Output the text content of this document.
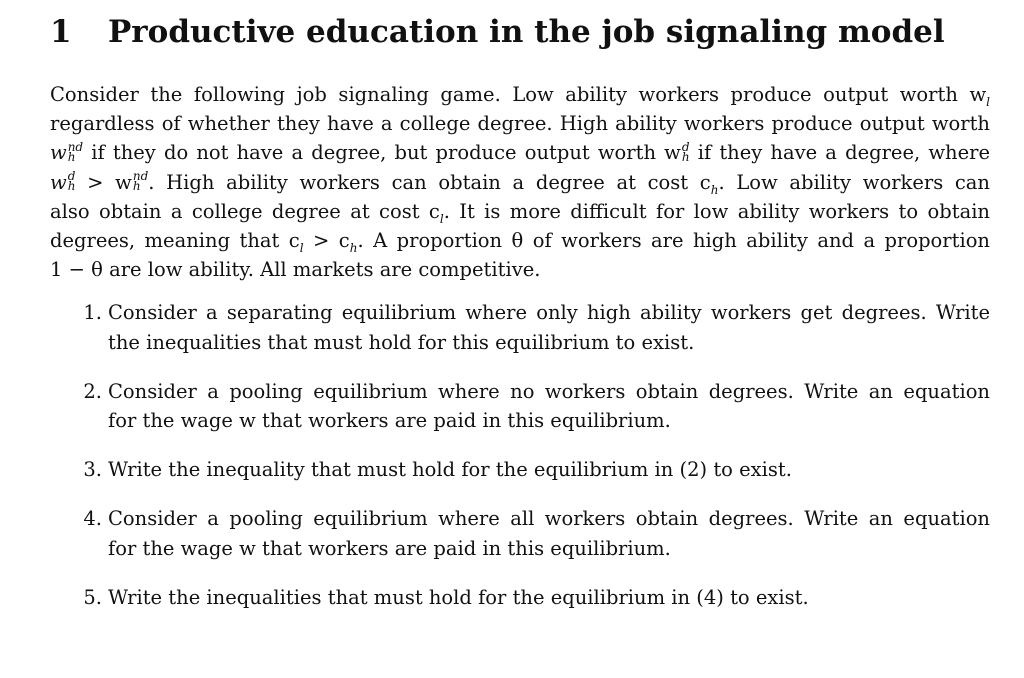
1	Productive education in the job signaling model
Consider the following job signaling game. Low ability workers produce output worth $w_l$
regardless of whether they have a college degree. High ability workers produce output worth
w nd
h if they do not have a degree, but produce output worth w d
h if they have a degree, where
w d
h > w nd
h . High ability workers can obtain a degree at cost $c_h$. Low ability workers can
also obtain a college degree at cost $c_l$. It is more difficult for low ability workers to obtain
degrees, meaning that $c_l > c_h$. A proportion θ of workers are high ability and a proportion
1 − θ are low ability. All markets are competitive.
1. Consider a separating equilibrium where only high ability workers get degrees. Write
the inequalities that must hold for this equilibrium to exist.
2. Consider a pooling equilibrium where no workers obtain degrees. Write an equation
for the wage w that workers are paid in this equilibrium.
3. Write the inequality that must hold for the equilibrium in (2) to exist.
4. Consider a pooling equilibrium where all workers obtain degrees. Write an equation
for the wage w that workers are paid in this equilibrium.
5. Write the inequalities that must hold for the equilibrium in (4) to exist.
